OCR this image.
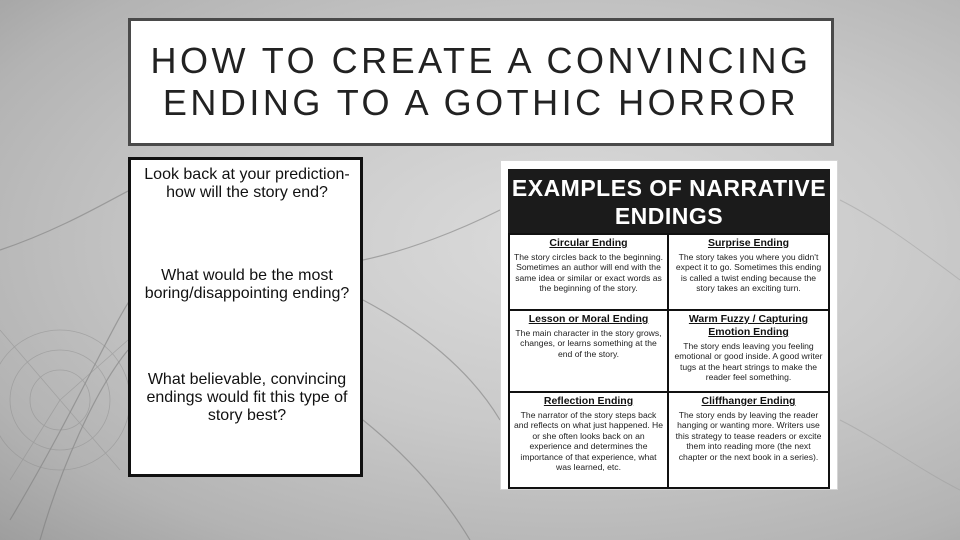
HOW TO CREATE A CONVINCING
ENDING TO A GOTHIC HORROR

Look back at your prediction- how will the story end?

What would be the most boring/disappointing ending?

What believable, convincing endings would fit this type of story best?

EXAMPLES OF NARRATIVE ENDINGS
Circular Ending
The story circles back to the beginning. Sometimes an author will end with the same idea or similar or exact words as the beginning of the story.
Surprise Ending
The story takes you where you didn't expect it to go. Sometimes this ending is called a twist ending because the story takes an exciting turn.
Lesson or Moral Ending
The main character in the story grows, changes, or learns something at the end of the story.
Warm Fuzzy / Capturing Emotion Ending
The story ends leaving you feeling emotional or good inside. A good writer tugs at the heart strings to make the reader feel something.
Reflection Ending
The narrator of the story steps back and reflects on what just happened. He or she often looks back on an experience and determines the importance of that experience, what was learned, etc.
Cliffhanger Ending
The story ends by leaving the reader hanging or wanting more. Writers use this strategy to tease readers or excite them into reading more (the next chapter or the next book in a series).
